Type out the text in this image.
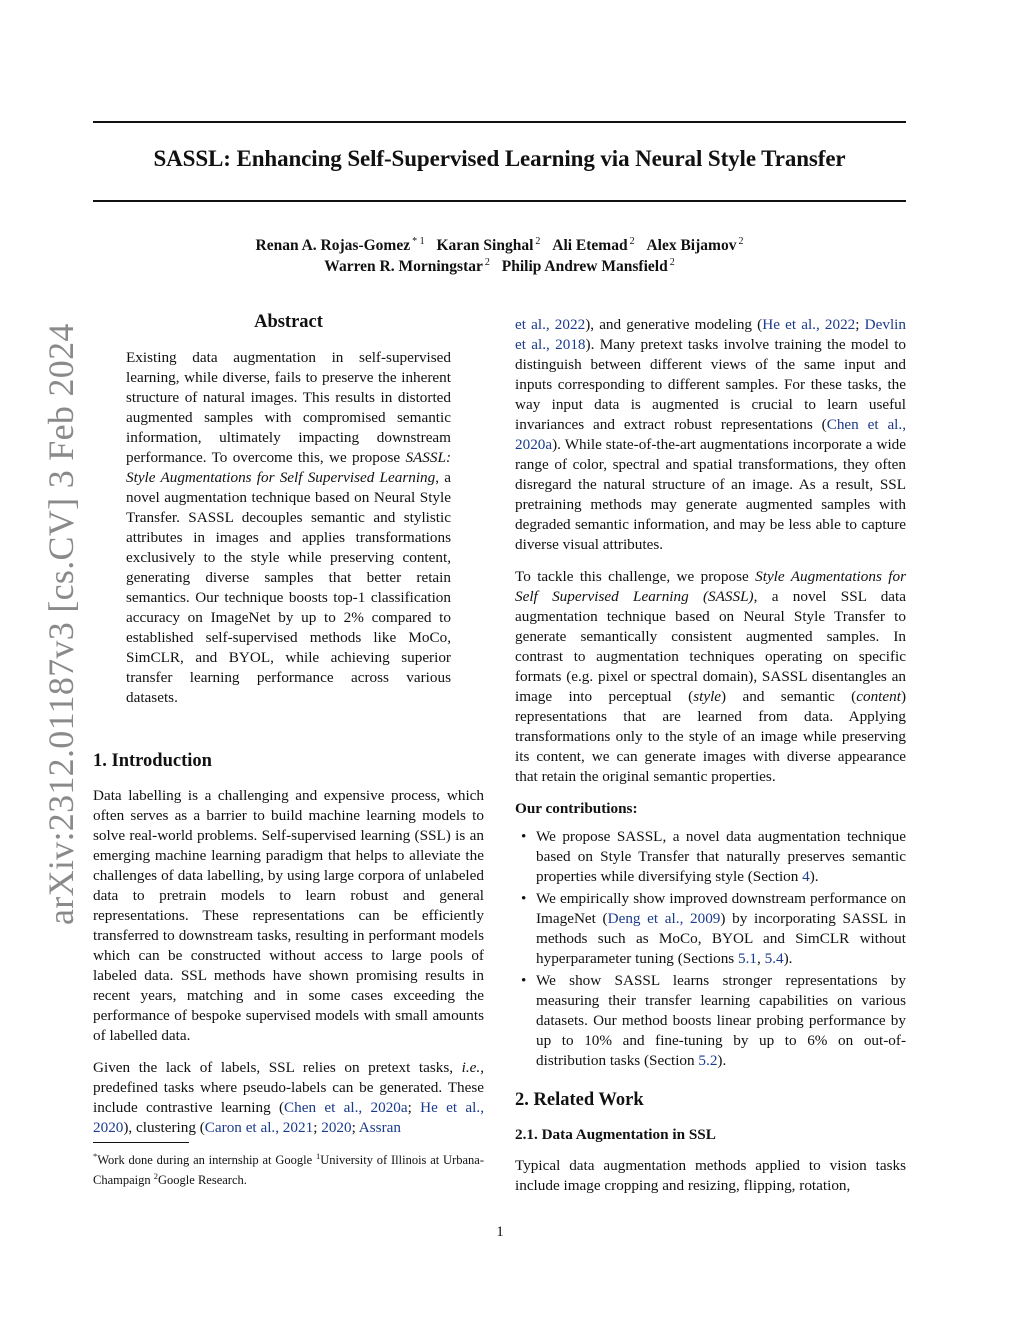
SASSL: Enhancing Self-Supervised Learning via Neural Style Transfer
Renan A. Rojas-Gomez $^{* 1}$ Karan Singhal $^2$ Ali Etemad $^2$ Alex Bijamov $^2$
Warren R. Morningstar $^2$ Philip Andrew Mansfield $^2$
arXiv:2312.01187v3 [cs.CV] 3 Feb 2024
Abstract

Existing data augmentation in self-supervised learning, while diverse, fails to preserve the inherent structure of natural images. This results in distorted augmented samples with compromised semantic information, ultimately impacting downstream performance. To overcome this, we propose SASSL: Style Augmentations for Self Supervised Learning, a novel augmentation technique based on Neural Style Transfer. SASSL decouples semantic and stylistic attributes in images and applies transformations exclusively to the style while preserving content, generating diverse samples that better retain semantics. Our technique boosts top-1 classification accuracy on ImageNet by up to 2% compared to established self-supervised methods like MoCo, SimCLR, and BYOL, while achieving superior transfer learning performance across various datasets.

1. Introduction

Data labelling is a challenging and expensive process, which often serves as a barrier to build machine learning models to solve real-world problems. Self-supervised learning (SSL) is an emerging machine learning paradigm that helps to alleviate the challenges of data labelling, by using large corpora of unlabeled data to pretrain models to learn robust and general representations. These representations can be efficiently transferred to downstream tasks, resulting in performant models which can be constructed without access to large pools of labeled data. SSL methods have shown promising results in recent years, matching and in some cases exceeding the performance of bespoke supervised models with small amounts of labelled data.

Given the lack of labels, SSL relies on pretext tasks, i.e., predefined tasks where pseudo-labels can be generated. These include contrastive learning (Chen et al., 2020a; He et al., 2020), clustering (Caron et al., 2021; 2020; Assran

*Work done during an internship at Google $^1$University of Illinois at Urbana-Champaign $^2$Google Research.

et al., 2022), and generative modeling (He et al., 2022; Devlin et al., 2018). Many pretext tasks involve training the model to distinguish between different views of the same input and inputs corresponding to different samples. For these tasks, the way input data is augmented is crucial to learn useful invariances and extract robust representations (Chen et al., 2020a). While state-of-the-art augmentations incorporate a wide range of color, spectral and spatial transformations, they often disregard the natural structure of an image. As a result, SSL pretraining methods may generate augmented samples with degraded semantic information, and may be less able to capture diverse visual attributes.

To tackle this challenge, we propose Style Augmentations for Self Supervised Learning (SASSL), a novel SSL data augmentation technique based on Neural Style Transfer to generate semantically consistent augmented samples. In contrast to augmentation techniques operating on specific formats (e.g. pixel or spectral domain), SASSL disentangles an image into perceptual (style) and semantic (content) representations that are learned from data. Applying transformations only to the style of an image while preserving its content, we can generate images with diverse appearance that retain the original semantic properties.

Our contributions:

• We propose SASSL, a novel data augmentation technique based on Style Transfer that naturally preserves semantic properties while diversifying style (Section 4).
• We empirically show improved downstream performance on ImageNet (Deng et al., 2009) by incorporating SASSL in methods such as MoCo, BYOL and SimCLR without hyperparameter tuning (Sections 5.1, 5.4).
• We show SASSL learns stronger representations by measuring their transfer learning capabilities on various datasets. Our method boosts linear probing performance by up to 10% and fine-tuning by up to 6% on out-of-distribution tasks (Section 5.2).
2. Related Work
2.1. Data Augmentation in SSL
Typical data augmentation methods applied to vision tasks include image cropping and resizing, flipping, rotation,
1
